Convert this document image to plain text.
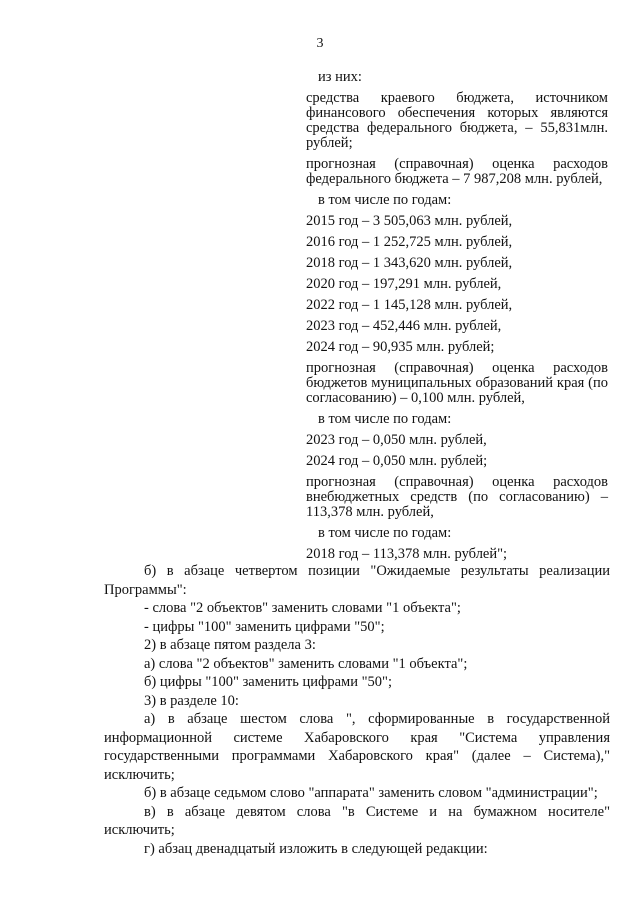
3
из них:
средства краевого бюджета, источником финансового обеспечения которых являются средства федерального бюджета, – 55,831млн. рублей;
прогнозная (справочная) оценка расходов федерального бюджета – 7 987,208 млн. рублей,
в том числе по годам:
2015 год – 3 505,063 млн. рублей,
2016 год – 1 252,725 млн. рублей,
2018 год – 1 343,620 млн. рублей,
2020 год – 197,291 млн. рублей,
2022 год – 1 145,128 млн. рублей,
2023 год – 452,446 млн. рублей,
2024 год – 90,935 млн. рублей;
прогнозная (справочная) оценка расходов бюджетов муниципальных образований края (по согласованию) – 0,100 млн. рублей,
в том числе по годам:
2023 год – 0,050 млн. рублей,
2024 год – 0,050 млн. рублей;
прогнозная (справочная) оценка расходов внебюджетных средств (по согласованию) – 113,378 млн. рублей,
в том числе по годам:
2018 год – 113,378 млн. рублей";
б) в абзаце четвертом позиции "Ожидаемые результаты реализации
Программы":
- слова "2 объектов" заменить словами "1 объекта";
- цифры "100" заменить цифрами "50";
2) в абзаце пятом раздела 3:
а) слова "2 объектов" заменить словами "1 объекта";
б) цифры "100" заменить цифрами "50";
3) в разделе 10:
а) в абзаце шестом слова ", сформированные в государственной
информационной системе Хабаровского края "Система управления
государственными программами Хабаровского края" (далее – Система),"
исключить;
б) в абзаце седьмом слово "аппарата" заменить словом "администрации";
в) в абзаце девятом слова "в Системе и на бумажном носителе"
исключить;
г) абзац двенадцатый изложить в следующей редакции:
